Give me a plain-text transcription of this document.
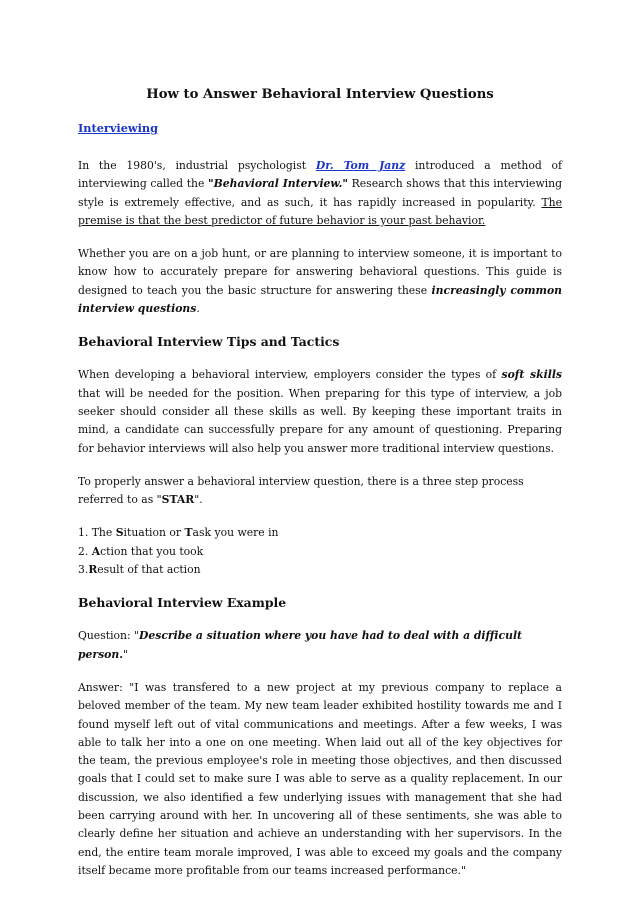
How to Answer Behavioral Interview Questions
Interviewing

In the 1980's, industrial psychologist Dr. Tom Janz introduced a method of interviewing called the "Behavioral Interview." Research shows that this interviewing style is extremely effective, and as such, it has rapidly increased in popularity. The premise is that the best predictor of future behavior is your past behavior.

Whether you are on a job hunt, or are planning to interview someone, it is important to know how to accurately prepare for answering behavioral questions. This guide is designed to teach you the basic structure for answering these increasingly common interview questions.

Behavioral Interview Tips and Tactics

When developing a behavioral interview, employers consider the types of soft skills that will be needed for the position. When preparing for this type of interview, a job seeker should consider all these skills as well. By keeping these important traits in mind, a candidate can successfully prepare for any amount of questioning. Preparing for behavior interviews will also help you answer more traditional interview questions.

To properly answer a behavioral interview question, there is a three step process referred to as "STAR".

1. The Situation or Task you were in
2. Action that you took
3.Result of that action
Behavioral Interview Example

Question: "Describe a situation where you have had to deal with a difficult person."

Answer: "I was transfered to a new project at my previous company to replace a beloved member of the team. My new team leader exhibited hostility towards me and I found myself left out of vital communications and meetings. After a few weeks, I was able to talk her into a one on one meeting. When laid out all of the key objectives for the team, the previous employee's role in meeting those objectives, and then discussed goals that I could set to make sure I was able to serve as a quality replacement. In our discussion, we also identified a few underlying issues with management that she had been carrying around with her. In uncovering all of these sentiments, she was able to clearly define her situation and achieve an understanding with her supervisors. In the end, the entire team morale improved, I was able to exceed my goals and the company itself became more profitable from our teams increased performance."
